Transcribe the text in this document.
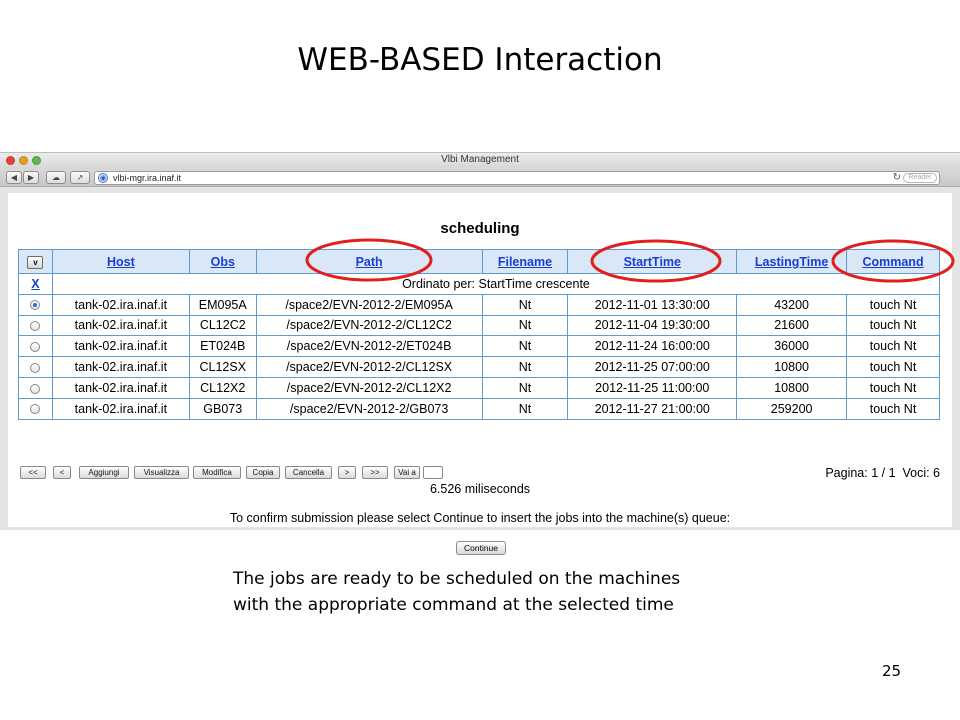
WEB-BASED Interaction
Vlbi Management
◀	▶	☁	↗	◉ vlbi-mgr.ira.inaf.it	↻	Reader
scheduling
v	Host	Obs	Path	Filename	StartTime	LastingTime	Command
X	Ordinato per: StartTime crescente						
	tank-02.ira.inaf.it	EM095A	/space2/EVN-2012-2/EM095A	Nt	2012-11-01 13:30:00	43200	touch Nt
	tank-02.ira.inaf.it	CL12C2	/space2/EVN-2012-2/CL12C2	Nt	2012-11-04 19:30:00	21600	touch Nt
	tank-02.ira.inaf.it	ET024B	/space2/EVN-2012-2/ET024B	Nt	2012-11-24 16:00:00	36000	touch Nt
	tank-02.ira.inaf.it	CL12SX	/space2/EVN-2012-2/CL12SX	Nt	2012-11-25 07:00:00	10800	touch Nt
	tank-02.ira.inaf.it	CL12X2	/space2/EVN-2012-2/CL12X2	Nt	2012-11-25 11:00:00	10800	touch Nt
	tank-02.ira.inaf.it	GB073	/space2/EVN-2012-2/GB073	Nt	2012-11-27 21:00:00	259200	touch Nt
<<	<	Aggiungi	Visualizza	Modifica	Copia	Cancella	>	>>	Vai a	Pagina: 1 / 1  Voci: 6
6.526 miliseconds
To confirm submission please select Continue to insert the jobs into the machine(s) queue:
Continue
The jobs are ready to be scheduled on the machines
with the appropriate command at the selected time
25
